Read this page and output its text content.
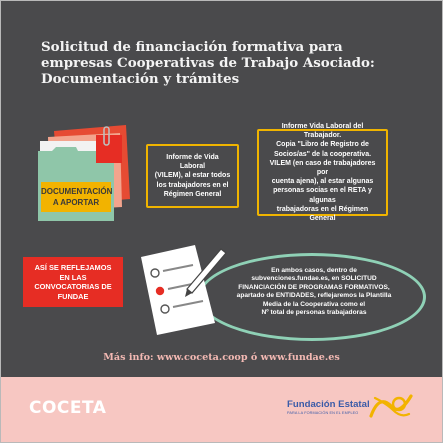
Solicitud de financiación formativa para
empresas Cooperativas de Trabajo Asociado:
Documentación y trámites
DOCUMENTACIÓN
A APORTAR
Informe de Vida Laboral
(VILEM), al estar todos
los trabajadores en el
Régimen General
Informe Vida Laboral del Trabajador.
Copia "Libro de Registro de
Socios/as" de la cooperativa.
VILEM (en caso de trabajadores por
cuenta ajena), al estar algunas
personas socias en el RETA y algunas
trabajadoras en el Régimen General
ASÍ SE REFLEJAMOS
EN LAS CONVOCATORIAS DE
FUNDAE
En ambos casos, dentro de
subvenciones.fundae.es, en SOLICITUD
FINANCIACIÓN DE PROGRAMAS FORMATIVOS,
apartado de ENTIDADES, reflejaremos la Plantilla
Media de la Cooperativa como el
Nº total de personas trabajadoras
Más info: www.coceta.coop ó www.fundae.es
COCETA	Fundación Estatal
PARA LA FORMACIÓN EN EL EMPLEO
